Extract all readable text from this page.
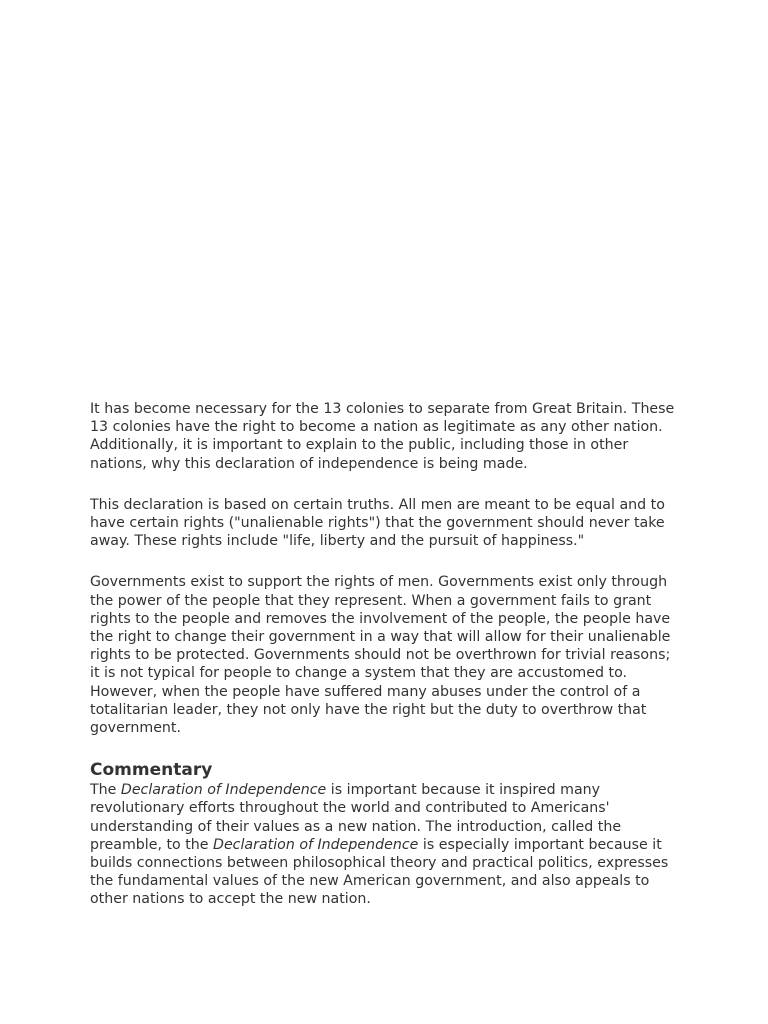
It has become necessary for the 13 colonies to separate from Great Britain. These 13 colonies have the right to become a nation as legitimate as any other nation. Additionally, it is important to explain to the public, including those in other nations, why this declaration of independence is being made.

This declaration is based on certain truths. All men are meant to be equal and to have certain rights ("unalienable rights") that the government should never take away. These rights include "life, liberty and the pursuit of happiness."

Governments exist to support the rights of men. Governments exist only through the power of the people that they represent. When a government fails to grant rights to the people and removes the involvement of the people, the people have the right to change their government in a way that will allow for their unalienable rights to be protected. Governments should not be overthrown for trivial reasons; it is not typical for people to change a system that they are accustomed to. However, when the people have suffered many abuses under the control of a totalitarian leader, they not only have the right but the duty to overthrow that government.

Commentary

The Declaration of Independence is important because it inspired many revolutionary efforts throughout the world and contributed to Americans' understanding of their values as a new nation. The introduction, called the preamble, to the Declaration of Independence is especially important because it builds connections between philosophical theory and practical politics, expresses the fundamental values of the new American government, and also appeals to other nations to accept the new nation.
